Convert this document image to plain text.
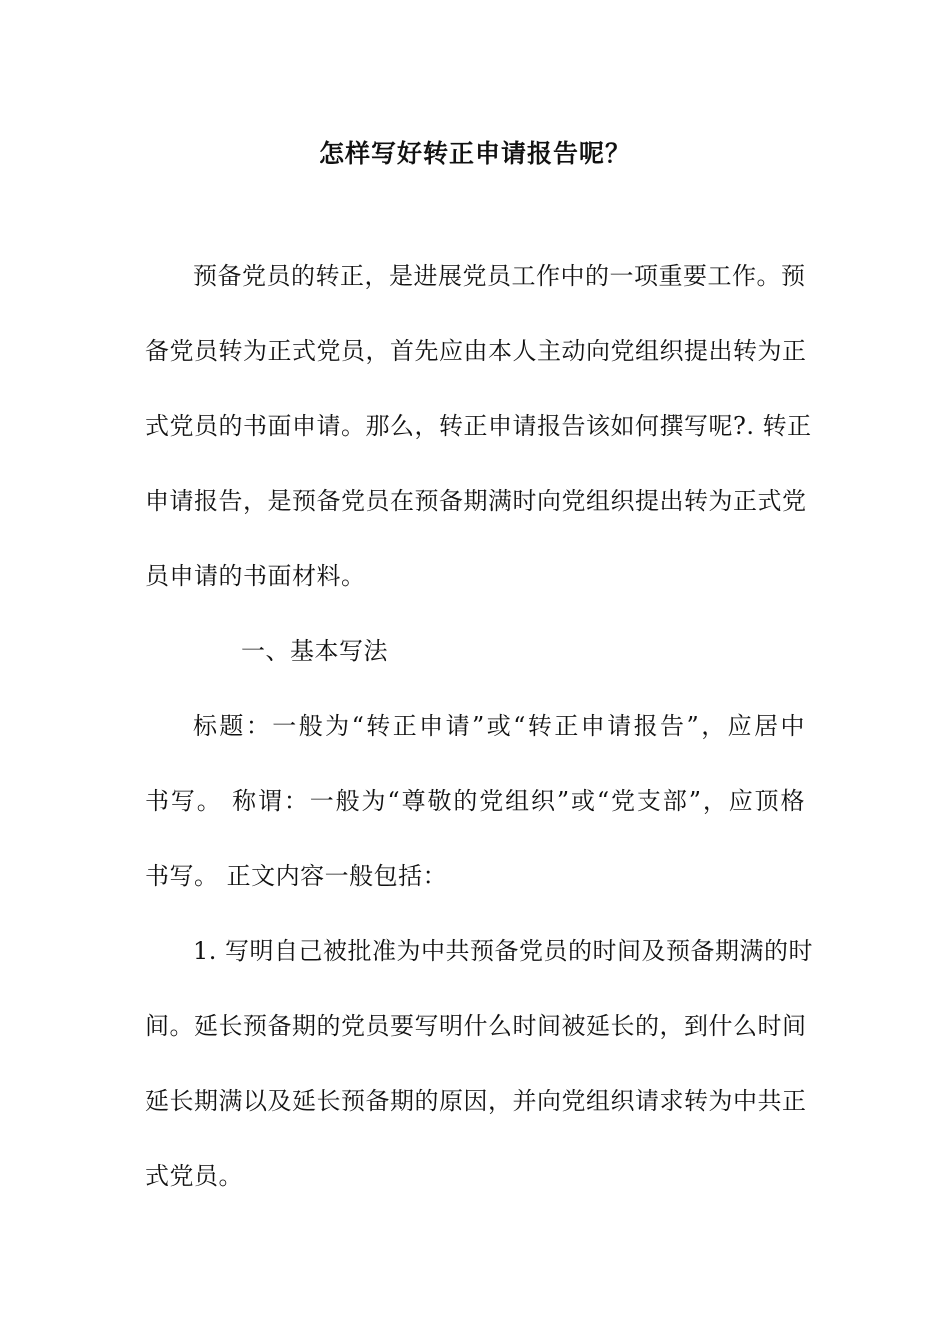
怎样写好转正申请报告呢？
预备党员的转正，是进展党员工作中的一项重要工作。预
备党员转为正式党员，首先应由本人主动向党组织提出转为正
式党员的书面申请。那么，转正申请报告该如何撰写呢?. 转正
申请报告，是预备党员在预备期满时向党组织提出转为正式党
员申请的书面材料。
一、基本写法
标题：一般为“转正申请”或“转正申请报告”，应居中
书写。 称谓：一般为“尊敬的党组织”或“党支部”，应顶格
书写。 正文内容一般包括：
1. 写明自己被批准为中共预备党员的时间及预备期满的时
间。延长预备期的党员要写明什么时间被延长的，到什么时间
延长期满以及延长预备期的原因，并向党组织请求转为中共正
式党员。
